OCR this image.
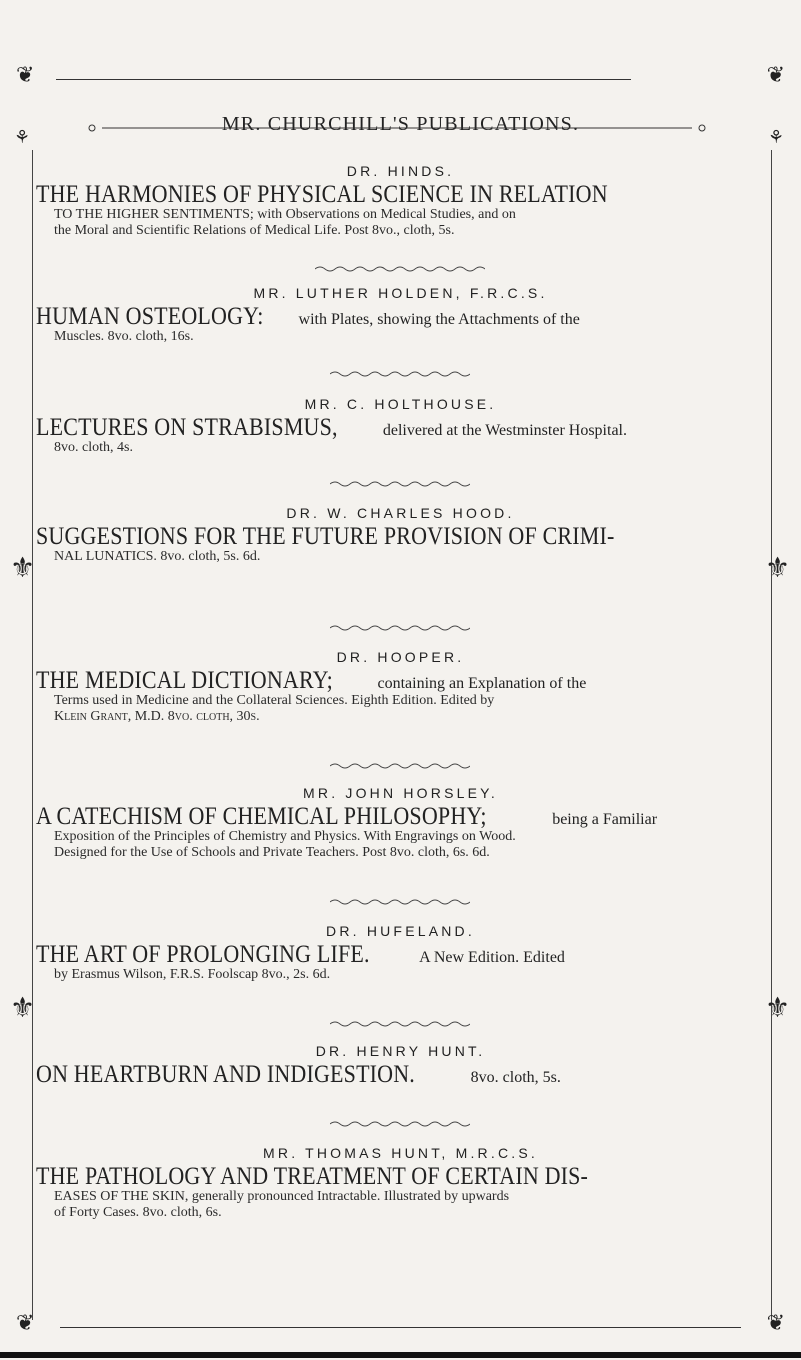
❦	❦
MR. CHURCHILL'S PUBLICATIONS.
⚘	⚘
⚜	⚜
⚜	⚜
DR. HINDS.
THE HARMONIES OF PHYSICAL SCIENCE IN RELATION
TO THE HIGHER SENTIMENTS; with Observations on Medical Studies, and on
the Moral and Scientific Relations of Medical Life. Post 8vo., cloth, 5s.
MR. LUTHER HOLDEN, F.R.C.S.
HUMAN OSTEOLOGY: with Plates, showing the Attachments of the
Muscles. 8vo. cloth, 16s.
MR. C. HOLTHOUSE.
LECTURES ON STRABISMUS,	delivered at the Westminster Hospital.
8vo. cloth, 4s.
DR. W. CHARLES HOOD.
SUGGESTIONS FOR THE FUTURE PROVISION OF CRIMI-
NAL LUNATICS. 8vo. cloth, 5s. 6d.
DR. HOOPER.
THE MEDICAL DICTIONARY;	containing an Explanation of the
Terms used in Medicine and the Collateral Sciences. Eighth Edition. Edited by
Klein Grant, M.D. 8vo. cloth, 30s.
MR. JOHN HORSLEY.
A CATECHISM OF CHEMICAL PHILOSOPHY;	being a Familiar
Exposition of the Principles of Chemistry and Physics. With Engravings on Wood.
Designed for the Use of Schools and Private Teachers. Post 8vo. cloth, 6s. 6d.
DR. HUFELAND.
THE ART OF PROLONGING LIFE.	A New Edition. Edited
by Erasmus Wilson, F.R.S. Foolscap 8vo., 2s. 6d.
DR. HENRY HUNT.
ON HEARTBURN AND INDIGESTION.	8vo. cloth, 5s.
MR. THOMAS HUNT, M.R.C.S.
THE PATHOLOGY AND TREATMENT OF CERTAIN DIS-
EASES OF THE SKIN, generally pronounced Intractable. Illustrated by upwards
of Forty Cases. 8vo. cloth, 6s.
❦	❦
